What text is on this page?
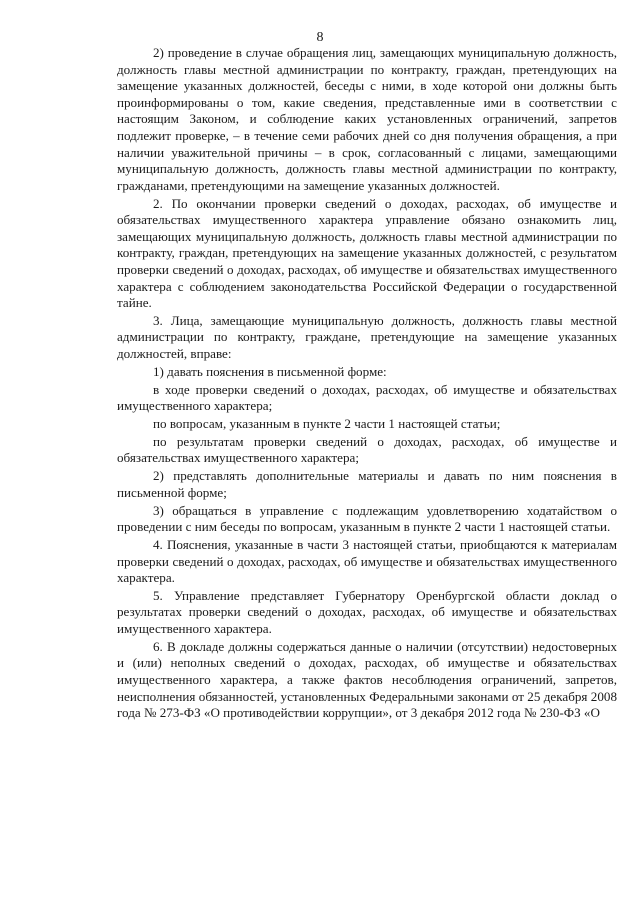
8

2) проведение в случае обращения лиц, замещающих муниципальную должность, должность главы местной администрации по контракту, граждан, претендующих на замещение указанных должностей, беседы с ними, в ходе которой они должны быть проинформированы о том, какие сведения, представленные ими в соответствии с настоящим Законом, и соблюдение каких установленных ограничений, запретов подлежит проверке, – в течение семи рабочих дней со дня получения обращения, а при наличии уважительной причины – в срок, согласованный с лицами, замещающими муниципальную должность, должность главы местной администрации по контракту, гражданами, претендующими на замещение указанных должностей.

2. По окончании проверки сведений о доходах, расходах, об имуществе и обязательствах имущественного характера управление обязано ознакомить лиц, замещающих муниципальную должность, должность главы местной администрации по контракту, граждан, претендующих на замещение указанных должностей, с результатом проверки сведений о доходах, расходах, об имуществе и обязательствах имущественного характера с соблюдением законодательства Российской Федерации о государственной тайне.

3. Лица, замещающие муниципальную должность, должность главы местной администрации по контракту, граждане, претендующие на замещение указанных должностей, вправе:

1) давать пояснения в письменной форме:

в ходе проверки сведений о доходах, расходах, об имуществе и обязательствах имущественного характера;

по вопросам, указанным в пункте 2 части 1 настоящей статьи;

по результатам проверки сведений о доходах, расходах, об имуществе и обязательствах имущественного характера;

2) представлять дополнительные материалы и давать по ним пояснения в письменной форме;

3) обращаться в управление с подлежащим удовлетворению ходатайством о проведении с ним беседы по вопросам, указанным в пункте 2 части 1 настоящей статьи.

4. Пояснения, указанные в части 3 настоящей статьи, приобщаются к материалам проверки сведений о доходах, расходах, об имуществе и обязательствах имущественного характера.

5. Управление представляет Губернатору Оренбургской области доклад о результатах проверки сведений о доходах, расходах, об имуществе и обязательствах имущественного характера.

6. В докладе должны содержаться данные о наличии (отсутствии) недостоверных и (или) неполных сведений о доходах, расходах, об имуществе и обязательствах имущественного характера, а также фактов несоблюдения ограничений, запретов, неисполнения обязанностей, установленных Федеральными законами от 25 декабря 2008 года № 273-ФЗ «О противодействии коррупции», от 3 декабря 2012 года № 230-ФЗ «О
